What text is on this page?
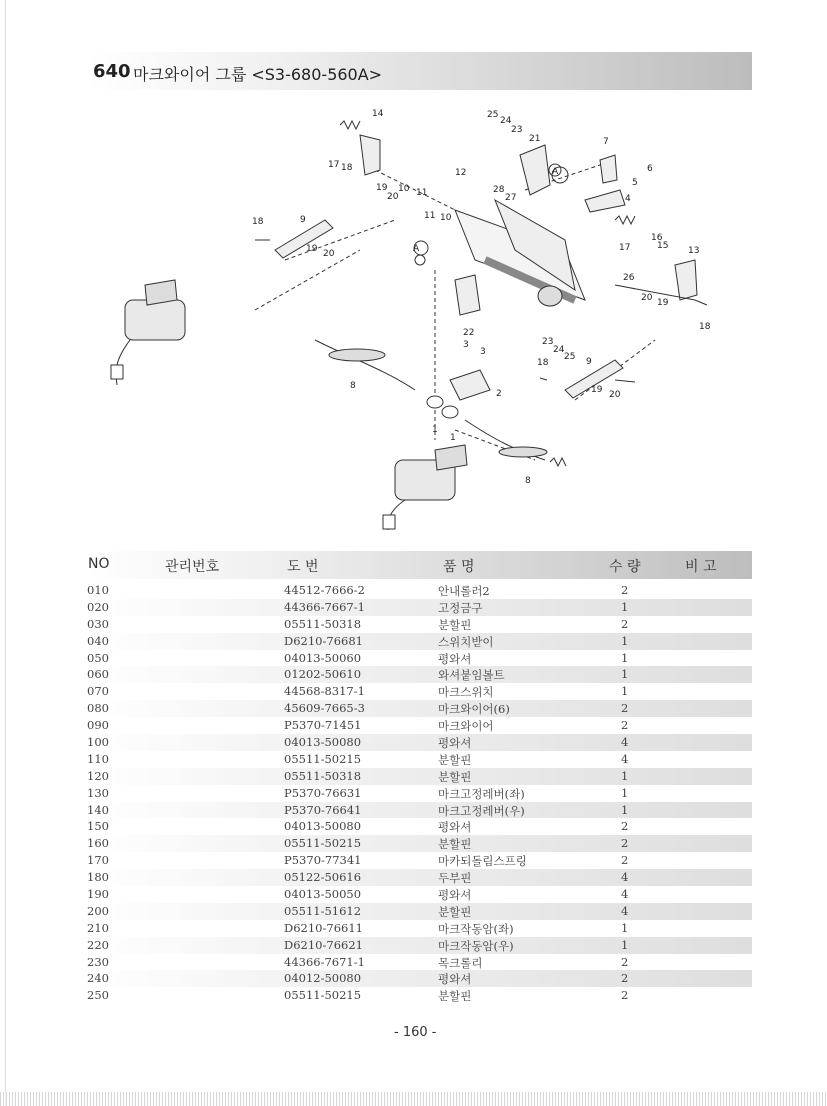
640 마크와이어 그룹 <S3-680-560A>
14	25
24
23
21	7
6
5
4
17 18
19 10 11
20
12
28
27
9
18
19 20
11 10
A
A
16
15 13
17
26
20 19
18
22
3
3
23
24
25
18	9
8
2
1
1
19 20
8
NO	관리번호	도 번	품 명	수 량	비 고
010	44512-7666-2	안내롤러2	2
020	44366-7667-1	고정금구	1
030	05511-50318	분할핀	2
040	D6210-76681	스위치받이	1
050	04013-50060	평와셔	1
060	01202-50610	와셔붙임볼트	1
070	44568-8317-1	마크스위치	1
080	45609-7665-3	마크와이어(6)	2
090	P5370-71451	마크와이어	2
100	04013-50080	평와셔	4
110	05511-50215	분할핀	4
120	05511-50318	분할핀	1
130	P5370-76631	마크고정레버(좌)	1
140	P5370-76641	마크고정레버(우)	1
150	04013-50080	평와셔	2
160	05511-50215	분할핀	2
170	P5370-77341	마카되돌림스프링	2
180	05122-50616	두부핀	4
190	04013-50050	평와셔	4
200	05511-51612	분할핀	4
210	D6210-76611	마크작동암(좌)	1
220	D6210-76621	마크작동암(우)	1
230	44366-7671-1	목크롤리	2
240	04012-50080	평와셔	2
250	05511-50215	분할핀	2
- 160 -
